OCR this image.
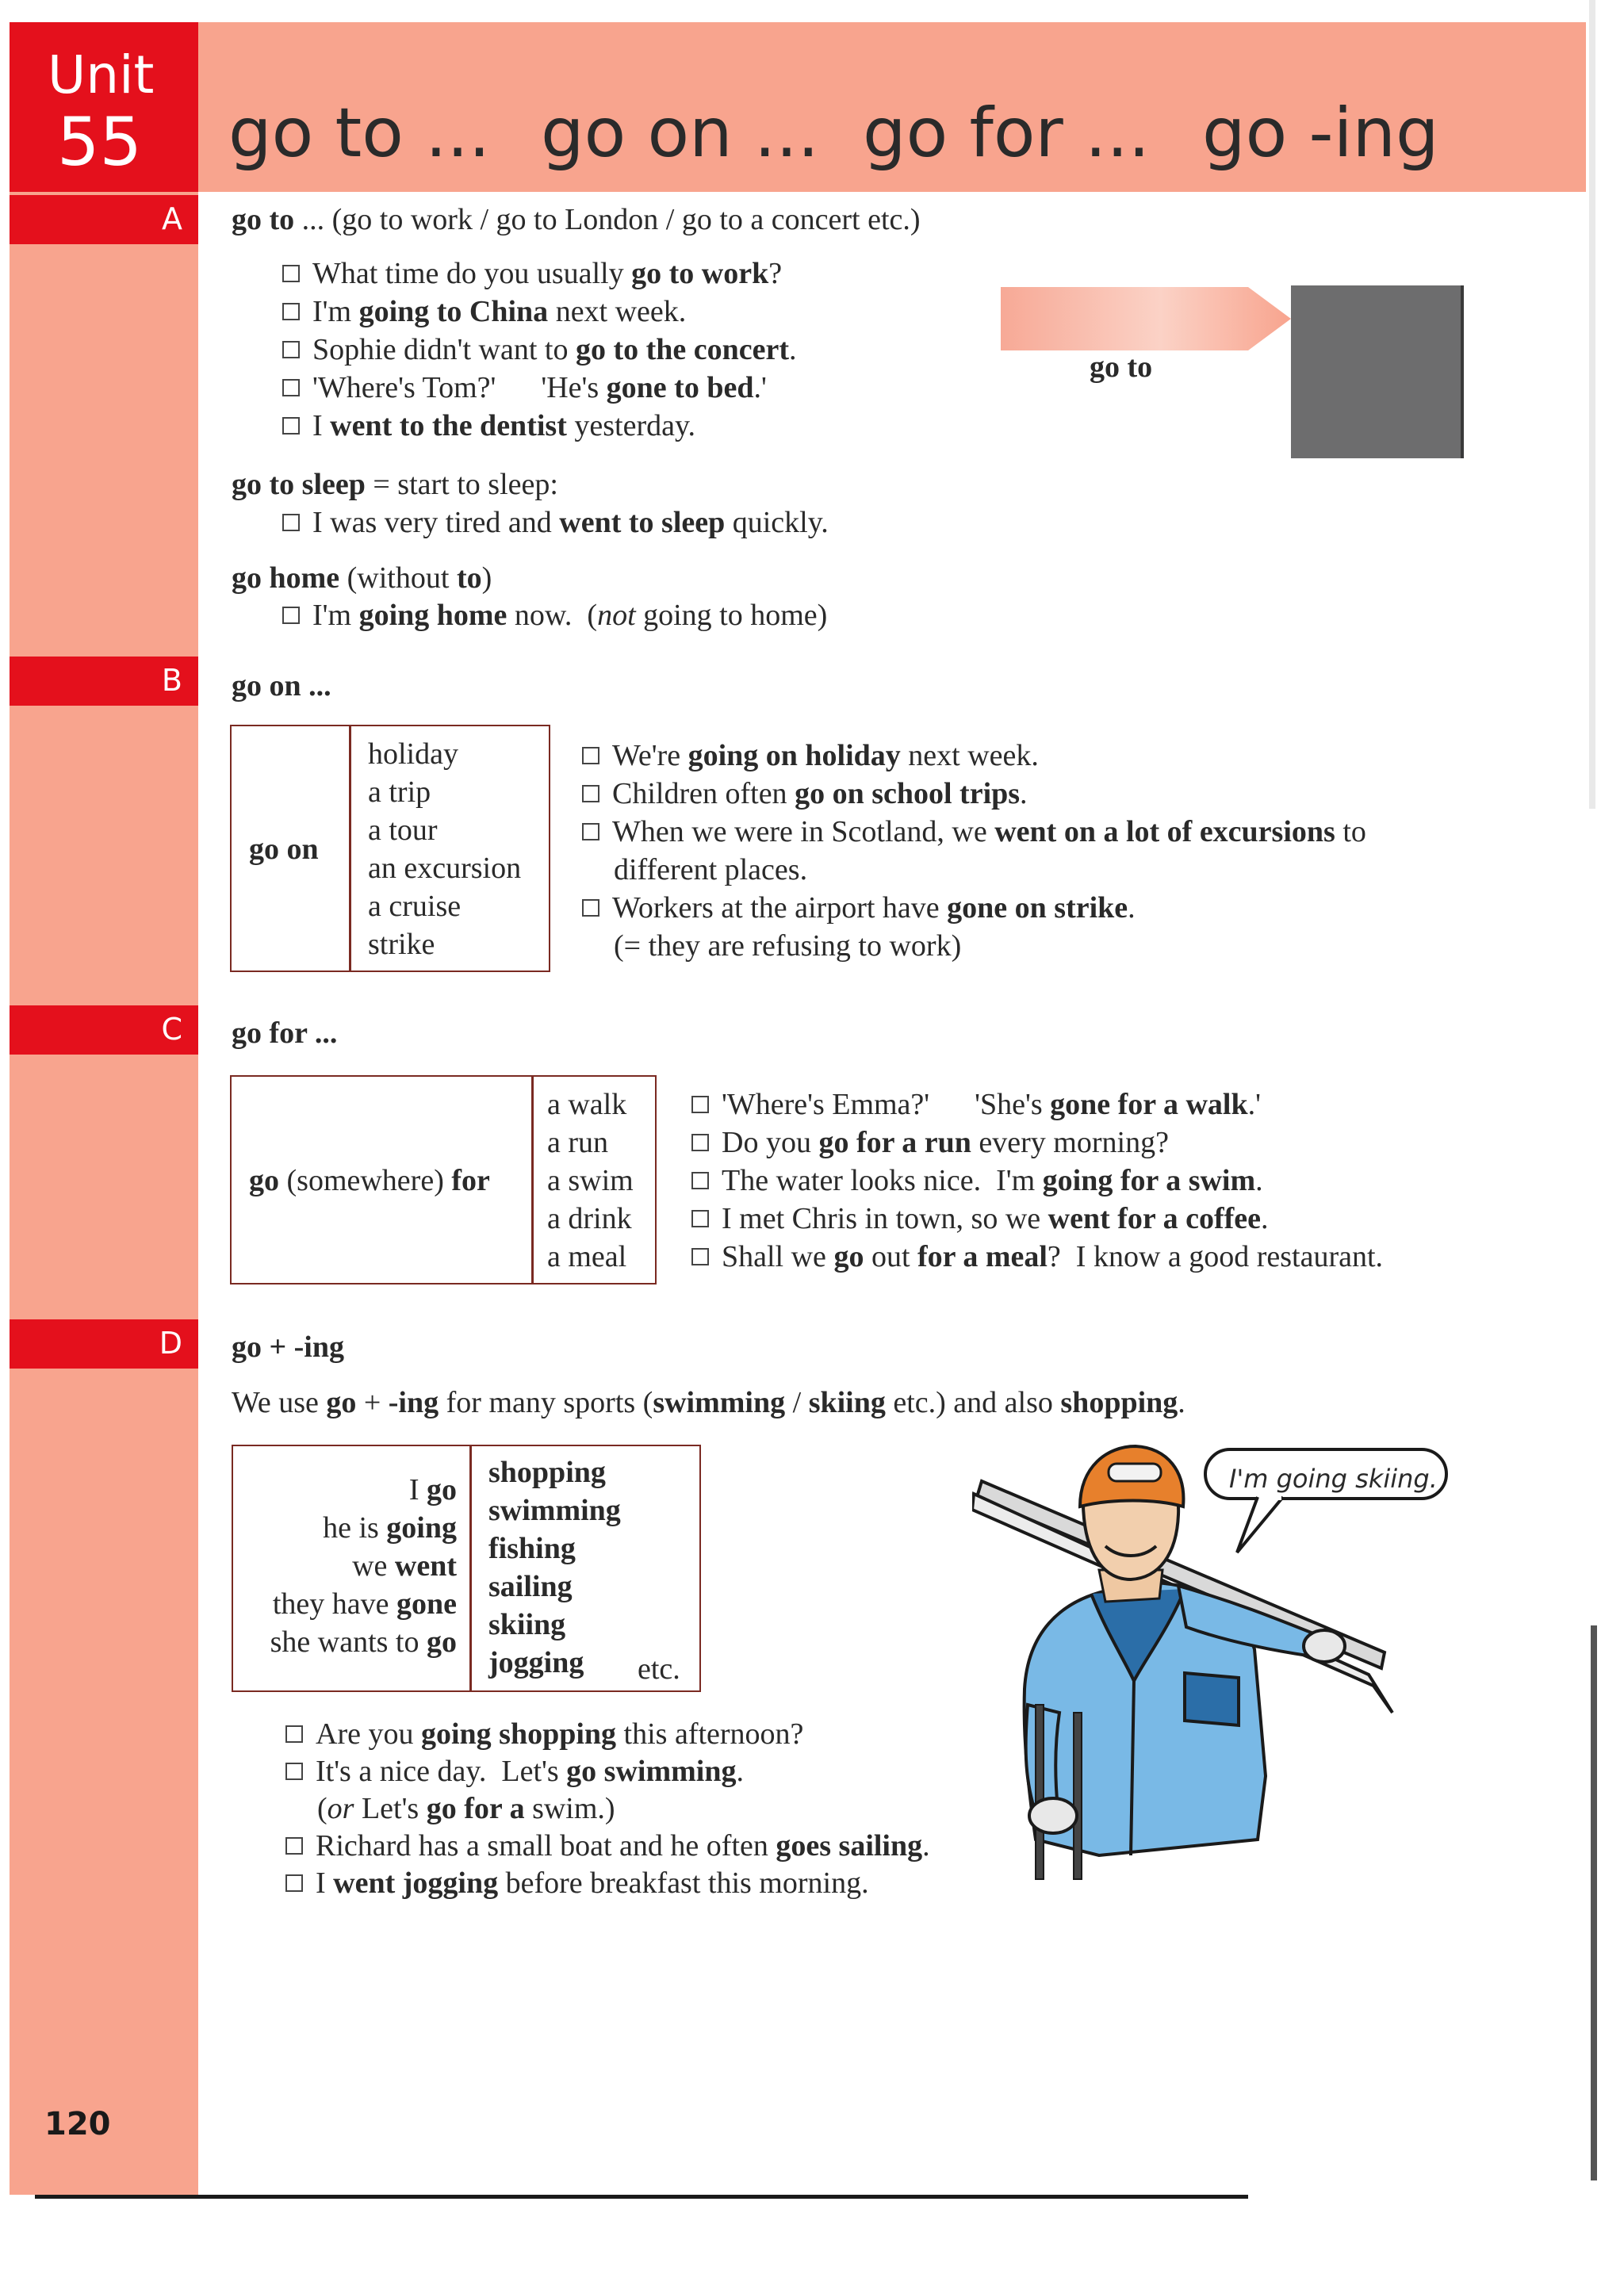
Unit
55 go to ... go on ... go for ... go -ing
A go to ... (go to work / go to London / go to a concert etc.)
What time do you usually go to work?
I'm going to China next week.
Sophie didn't want to go to the concert.
'Where's Tom?'      'He's gone to bed.'
I went to the dentist yesterday.
go to
go to sleep = start to sleep:
I was very tired and went to sleep quickly.
go home (without to)
I'm going home now.  (not going to home)
B go on ...
go on
holiday
a trip
a tour
an excursion
a cruise
strike
We're going on holiday next week.
Children often go on school trips.
When we were in Scotland, we went on a lot of excursions to
different places.
Workers at the airport have gone on strike.
(= they are refusing to work)
C go for ...
go (somewhere) for
a walk
a run
a swim
a drink
a meal
'Where's Emma?'      'She's gone for a walk.'
Do you go for a run every morning?
The water looks nice.  I'm going for a swim.
I met Chris in town, so we went for a coffee.
Shall we go out for a meal?  I know a good restaurant.
D go + -ing
We use go + -ing for many sports (swimming / skiing etc.) and also shopping.
I go
he is going
we went
they have gone
she wants to go
shopping
swimming
fishing
sailing
skiing
jogging	etc.
I'm going skiing.
Are you going shopping this afternoon?
It's a nice day.  Let's go swimming.
(or Let's go for a swim.)
Richard has a small boat and he often goes sailing.
I went jogging before breakfast this morning.
120
